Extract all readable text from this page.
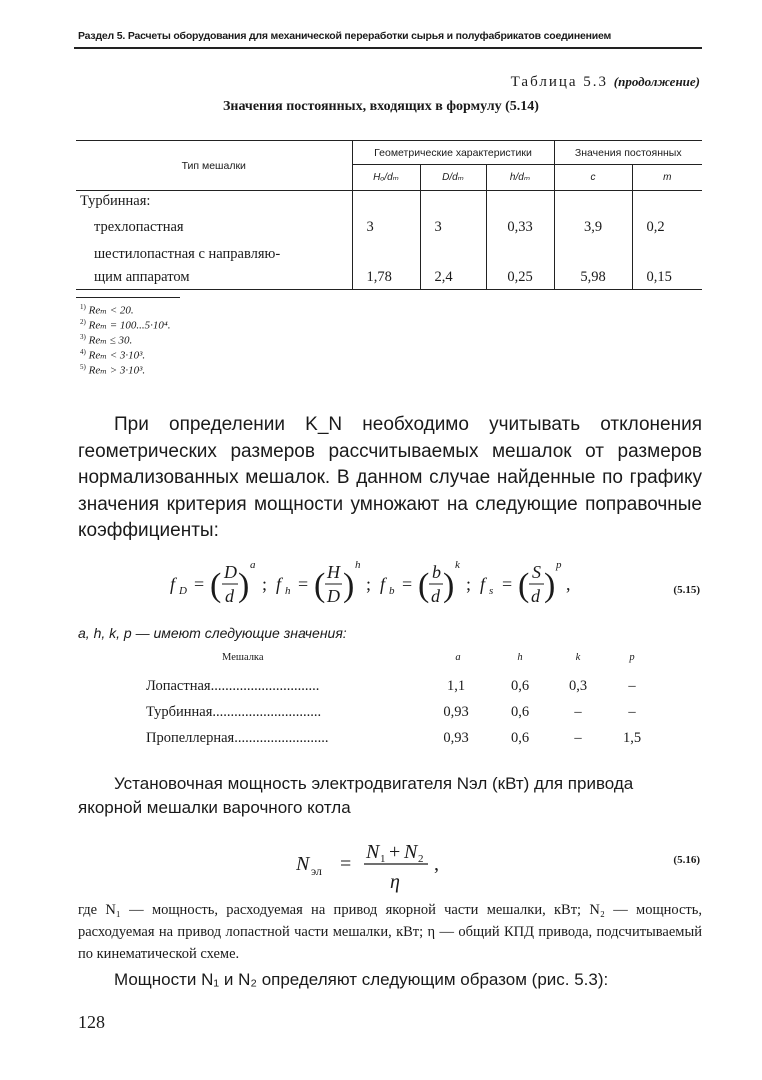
Раздел 5. Расчеты оборудования для механической переработки сырья и полуфабрикатов соединением
Таблица 5.3 (продолжение)
Значения постоянных, входящих в формулу (5.14)
Тип мешалки	Геометрические характеристики			Значения постоянных	
	Hₒ/dₘ	D/dₘ	h/dₘ	c	m
Турбинная:					
трехлопастная	3	3	0,33	3,9	0,2
шестилопастная с направляю-
щим аппаратом	1,78	2,4	0,25	5,98	0,15
$^{1)}$ Reₘ < 20.
$^{2)}$ Reₘ = 100...5·10⁴.
$^{3)}$ Reₘ ≤ 30.
$^{4)}$ Reₘ < 3·10³.
$^{5)}$ Reₘ > 3·10³.
При определении K_N необходимо учитывать отклонения геометрических размеров рассчитываемых мешалок от размеров нормализованных мешалок. В данном случае найденные по графику значения критерия мощности умножают на следующие поправочные коэффициенты:
f D = ( D
d )
a
; f h = ( H
D )
h
; f b = ( b
d )
k
; f s = ( S
d )
p
,	(5.15)
a, h, k, p — имеют следующие значения:
Мешалка	a	h	k	p
Лопастная..............................	1,1	0,6	0,3	–
Турбинная..............................	0,93	0,6	–	–
Пропеллерная..........................	0,93	0,6	–	1,5
Установочная мощность электродвигателя Nэл (кВт) для привода якорной мешалки варочного котла
N эл =
N 1 + N 2
η
,	(5.16)
где N₁ — мощность, расходуемая на привод якорной части мешалки, кВт; N₂ — мощность, расходуемая на привод лопастной части мешалки, кВт; η — общий КПД привода, подсчитываемый по кинематической схеме.
Мощности N₁ и N₂ определяют следующим образом (рис. 5.3):
128
